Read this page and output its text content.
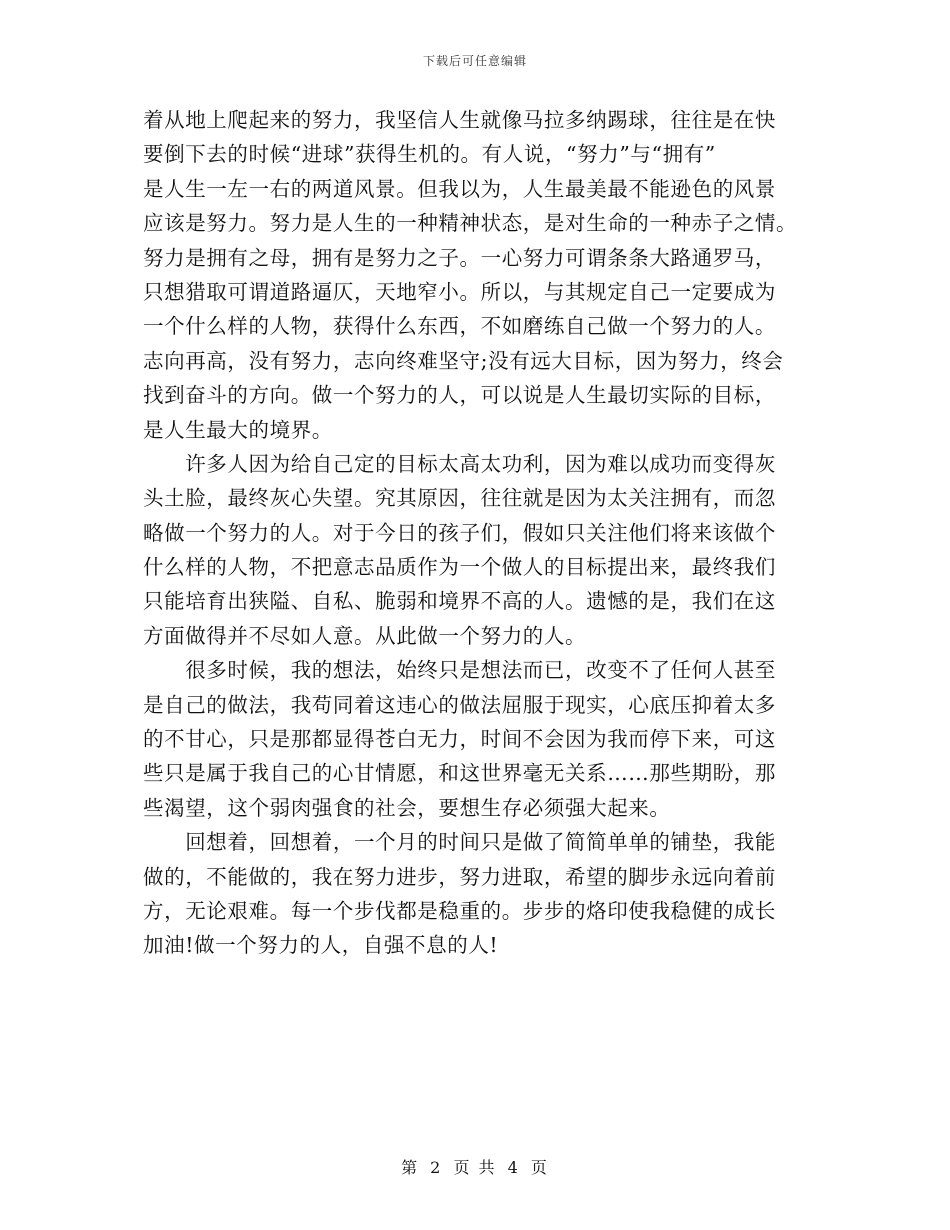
下载后可任意编辑
着从地上爬起来的努力，我坚信人生就像马拉多纳踢球，往往是在快
要倒下去的时候“进球”获得生机的。有人说，“努力”与“拥有”
是人生一左一右的两道风景。但我以为，人生最美最不能逊色的风景
应该是努力。努力是人生的一种精神状态，是对生命的一种赤子之情。
努力是拥有之母，拥有是努力之子。一心努力可谓条条大路通罗马，
只想猎取可谓道路逼仄，天地窄小。所以，与其规定自己一定要成为
一个什么样的人物，获得什么东西，不如磨练自己做一个努力的人。
志向再高，没有努力，志向终难坚守;没有远大目标，因为努力，终会
找到奋斗的方向。做一个努力的人，可以说是人生最切实际的目标，
是人生最大的境界。
　　许多人因为给自己定的目标太高太功利，因为难以成功而变得灰
头土脸，最终灰心失望。究其原因，往往就是因为太关注拥有，而忽
略做一个努力的人。对于今日的孩子们，假如只关注他们将来该做个
什么样的人物，不把意志品质作为一个做人的目标提出来，最终我们
只能培育出狭隘、自私、脆弱和境界不高的人。遗憾的是，我们在这
方面做得并不尽如人意。从此做一个努力的人。
　　很多时候，我的想法，始终只是想法而已，改变不了任何人甚至
是自己的做法，我苟同着这违心的做法屈服于现实，心底压抑着太多
的不甘心，只是那都显得苍白无力，时间不会因为我而停下来，可这
些只是属于我自己的心甘情愿，和这世界毫无关系……那些期盼，那
些渴望，这个弱肉强食的社会，要想生存必须强大起来。
　　回想着，回想着，一个月的时间只是做了简简单单的铺垫，我能
做的，不能做的，我在努力进步，努力进取，希望的脚步永远向着前
方，无论艰难。每一个步伐都是稳重的。步步的烙印使我稳健的成长
加油!做一个努力的人，自强不息的人!
第 2 页 共 4 页
